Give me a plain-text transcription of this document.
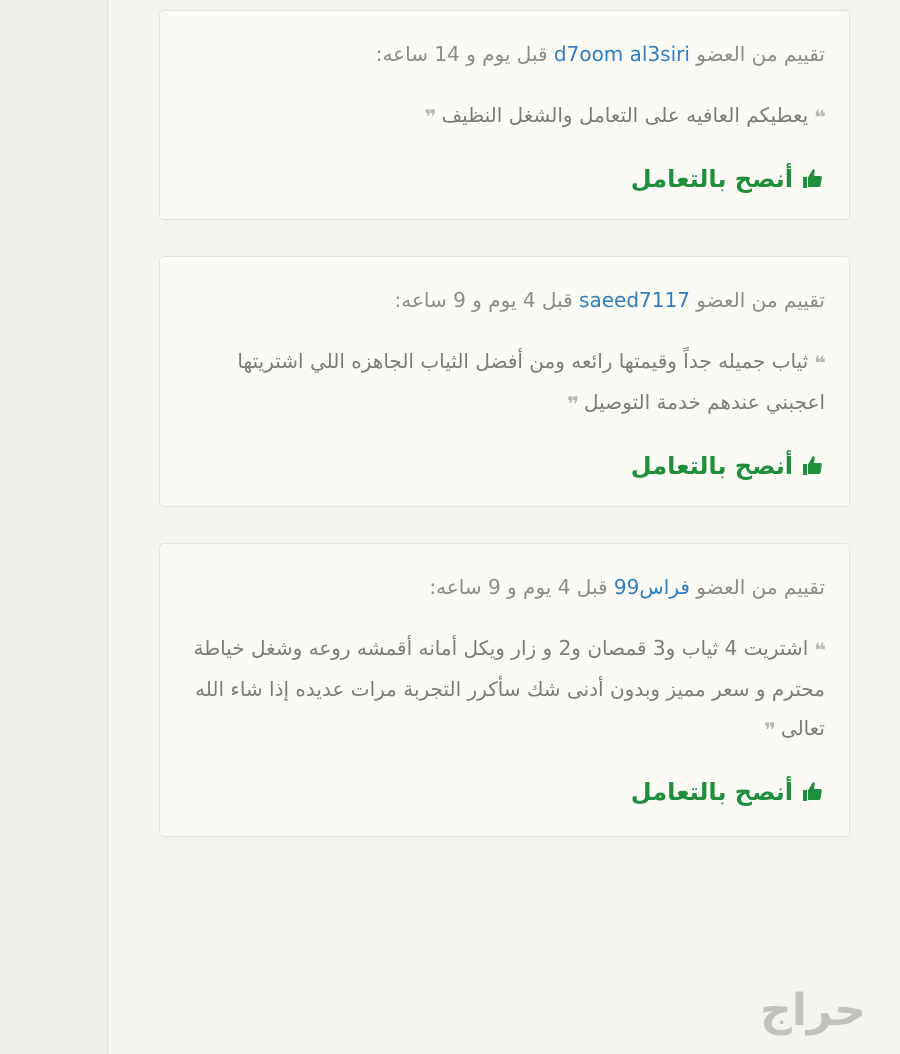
تقييم من العضو d7oom al3siri قبل يوم و 14 ساعه:
❝يعطيكم العافيه على التعامل والشغل النظيف❞
أنصح بالتعامل
تقييم من العضو saeed7117 قبل 4 يوم و 9 ساعه:
❝ثياب جميله جداً وقيمتها رائعه ومن أفضل الثياب الجاهزه اللي اشتريتها اعجبني عندهم خدمة التوصيل❞
أنصح بالتعامل
تقييم من العضو فراس99 قبل 4 يوم و 9 ساعه:
❝اشتريت 4 ثياب و3 قمصان و2 و زار ويكل أمانه أقمشه روعه وشغل خياطة محترم و سعر مميز وبدون أدنى شك سأكرر التجربة مرات عديده إذا شاء الله تعالى❞
أنصح بالتعامل
حراج
